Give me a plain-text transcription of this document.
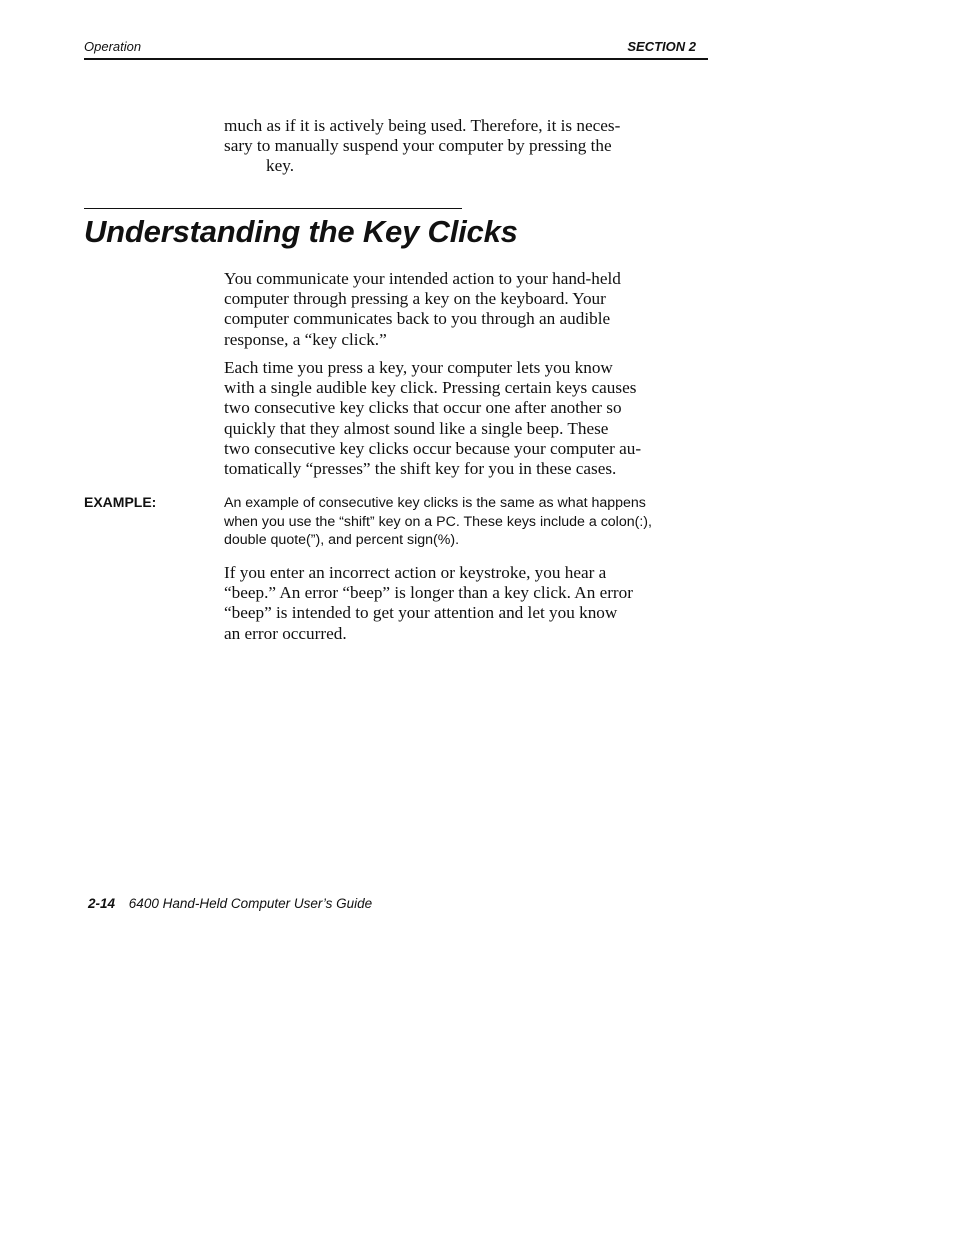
Operation	SECTION 2

much as if it is actively being used. Therefore, it is neces-
sary to manually suspend your computer by pressing the
key.

Understanding the Key Clicks

You communicate your intended action to your hand-held
computer through pressing a key on the keyboard. Your
computer communicates back to you through an audible
response, a “key click.”

Each time you press a key, your computer lets you know
with a single audible key click. Pressing certain keys causes
two consecutive key clicks that occur one after another so
quickly that they almost sound like a single beep. These
two consecutive key clicks occur because your computer au-
tomatically “presses” the shift key for you in these cases.

EXAMPLE:	An example of consecutive key clicks is the same as what happens
when you use the “shift” key on a PC. These keys include a colon(:),
double quote(”), and percent sign(%).

If you enter an incorrect action or keystroke, you hear a
“beep.” An error “beep” is longer than a key click. An error
“beep” is intended to get your attention and let you know
an error occurred.

2-14 6400 Hand-Held Computer User’s Guide
